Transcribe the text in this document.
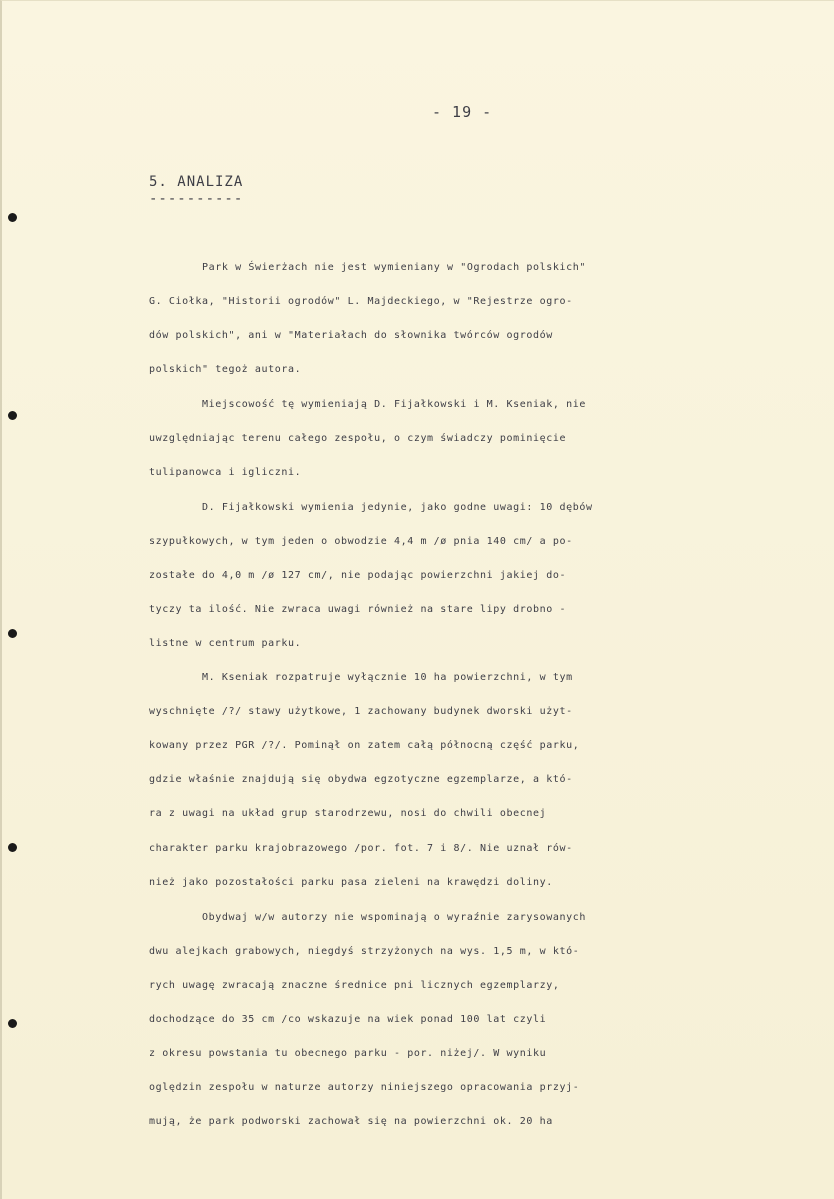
- 19 -
5. ANALIZA
----------
Park w Świerżach nie jest wymieniany w "Ogrodach polskich"
G. Ciołka, "Historii ogrodów" L. Majdeckiego, w "Rejestrze ogro-
dów polskich", ani w "Materiałach do słownika twórców ogrodów
polskich" tegoż autora.
Miejscowość tę wymieniają D. Fijałkowski i M. Kseniak, nie
uwzględniając terenu całego zespołu, o czym świadczy pominięcie
tulipanowca i iglicznі.
D. Fijałkowski wymienia jedynie, jako godne uwagi: 10 dębów
szypułkowych, w tym jeden o obwodzie 4,4 m /ø pnia 140 cm/ a po-
zostałe do 4,0 m /ø 127 cm/, nie podając powierzchni jakiej do-
tyczy ta ilość. Nie zwraca uwagi również na stare lipy drobno -
listne w centrum parku.
M. Kseniak rozpatruje wyłącznie 10 ha powierzchni, w tym
wyschnięte /?/ stawy użytkowe, 1 zachowany budynek dworski użyt-
kowany przez PGR /?/. Pominął on zatem całą północną część parku,
gdzie właśnie znajdują się obydwa egzotyczne egzemplarze, a któ-
ra z uwagi na układ grup starodrzewu, nosi do chwili obecnej
charakter parku krajobrazowego /por. fot. 7 i 8/. Nie uznał rów-
nież jako pozostałości parku pasa zieleni na krawędzi doliny.
Obydwaj w/w autorzy nie wspominają o wyraźnie zarysowanych
dwu alejkach grabowych, niegdyś strzyżonych na wys. 1,5 m, w któ-
rych uwagę zwracają znaczne średnice pni licznych egzemplarzy,
dochodzące do 35 cm /co wskazuje na wiek ponad 100 lat czyli
z okresu powstania tu obecnego parku - por. niżej/. W wyniku
oględzin zespołu w naturze autorzy niniejszego opracowania przyj-
mują, że park podworski zachował się na powierzchni ok. 20 ha
